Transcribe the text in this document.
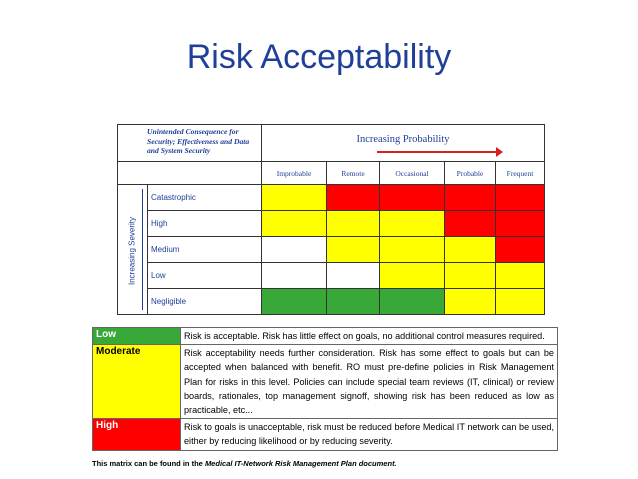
Risk Acceptability
Unintended Consequence for Security; Effectiveness and Data and System Security		Increasing Probability				

		Improbable	Remote	Occasional	Probable	Frequent

Increasing Severity	Catastrophic					
	High					
	Medium					
	Low					
	Negligible					
Low	Risk is acceptable. Risk has little effect on goals, no additional control measures required.
Moderate	Risk acceptability needs further consideration. Risk has some effect to goals but can be accepted when balanced with benefit. RO must pre-define policies in Risk Management Plan for risks in this level. Policies can include special team reviews (IT, clinical) or review boards, rationales, top management signoff, showing risk has been reduced as low as practicable, etc...
High	Risk to goals is unacceptable, risk must be reduced before Medical IT network can be used, either by reducing likelihood or by reducing severity.
This matrix can be found in the Medical IT-Network Risk Management Plan document.
